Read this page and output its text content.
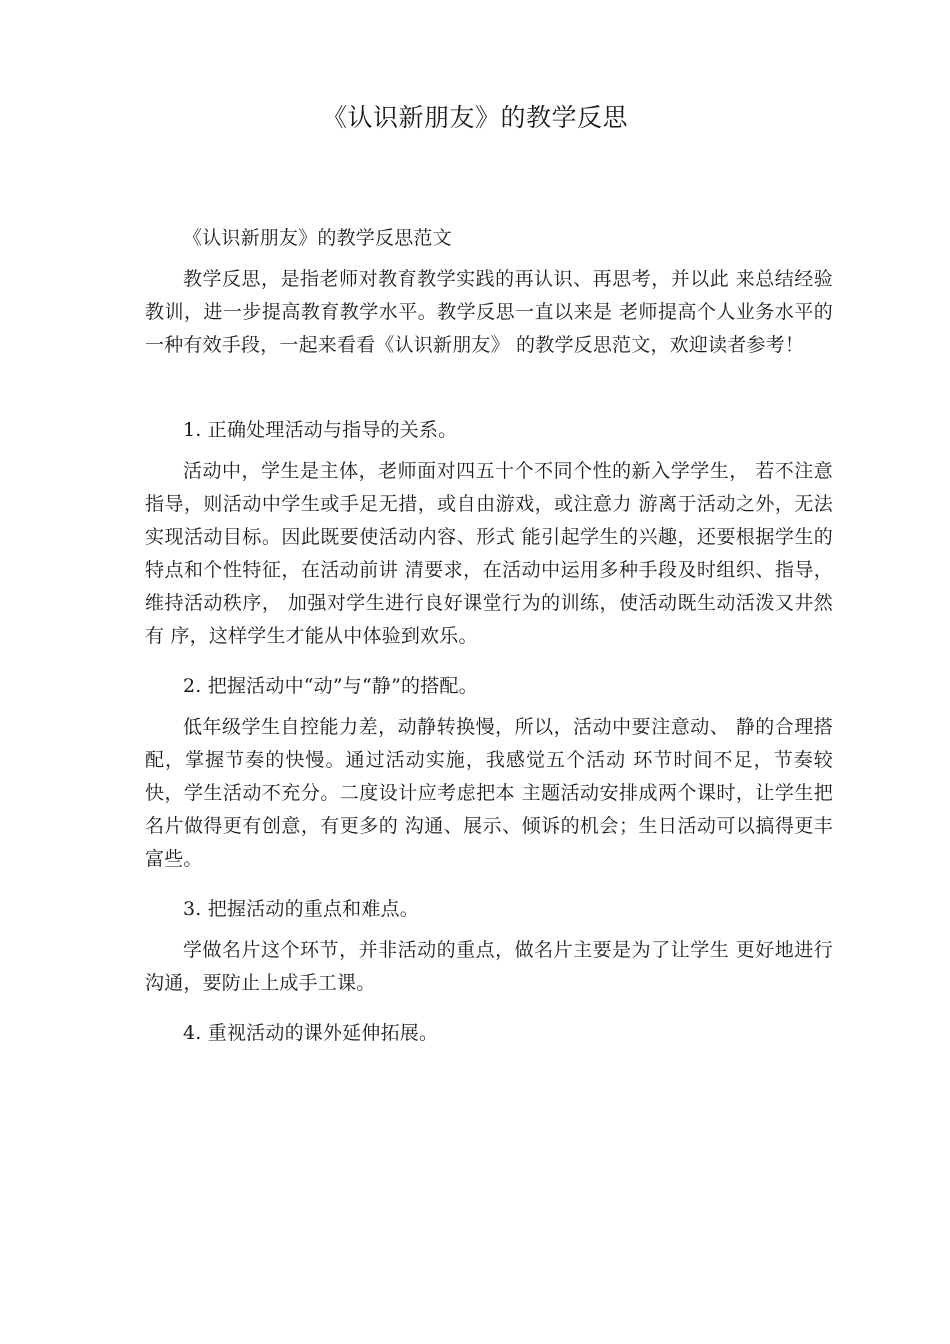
《认识新朋友》的教学反思

《认识新朋友》的教学反思范文

教学反思，是指老师对教育教学实践的再认识、再思考，并以此 来总结经验教训，进一步提高教育教学水平。教学反思一直以来是 老师提高个人业务水平的一种有效手段，一起来看看《认识新朋友》 的教学反思范文，欢迎读者参考！

1. 正确处理活动与指导的关系。

活动中，学生是主体，老师面对四五十个不同个性的新入学学生， 若不注意指导，则活动中学生或手足无措，或自由游戏，或注意力 游离于活动之外，无法实现活动目标。因此既要使活动内容、形式 能引起学生的兴趣，还要根据学生的特点和个性特征，在活动前讲 清要求，在活动中运用多种手段及时组织、指导，维持活动秩序， 加强对学生进行良好课堂行为的训练，使活动既生动活泼又井然有 序，这样学生才能从中体验到欢乐。

2. 把握活动中“动”与“静”的搭配。

低年级学生自控能力差，动静转换慢，所以，活动中要注意动、 静的合理搭配，掌握节奏的快慢。通过活动实施，我感觉五个活动 环节时间不足，节奏较快，学生活动不充分。二度设计应考虑把本 主题活动安排成两个课时，让学生把名片做得更有创意，有更多的 沟通、展示、倾诉的机会；生日活动可以搞得更丰富些。

3. 把握活动的重点和难点。

学做名片这个环节，并非活动的重点，做名片主要是为了让学生 更好地进行沟通，要防止上成手工课。

4. 重视活动的课外延伸拓展。
